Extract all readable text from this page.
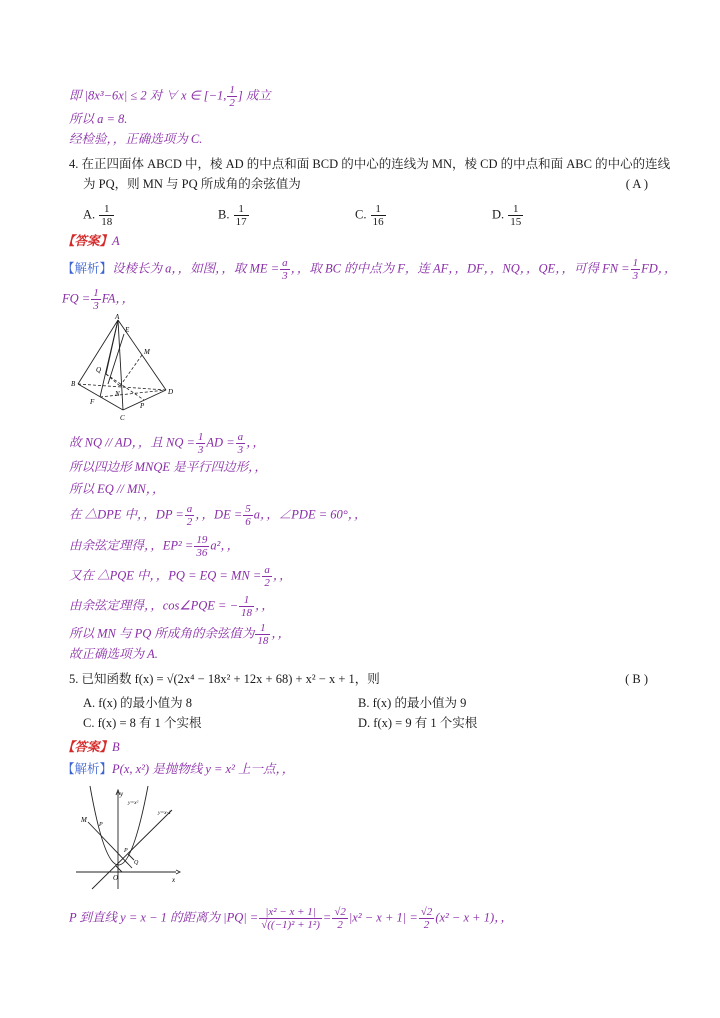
即 |8x³−6x| ≤ 2 对 ∀ x ∈ [−1, $\frac{1}{2}$ ] 成立
所以 a = 8.
经检验，，正确选项为 C.
4. 在正四面体 ABCD 中，棱 AD 的中点和面 BCD 的中心的连线为 MN，棱 CD 的中点和面 ABC 的中心的连线
为 PQ，则 MN 与 PQ 所成角的余弦值为	( A )
A. $\frac{1}{18}$	B. $\frac{1}{17}$	C. $\frac{1}{16}$	D. $\frac{1}{15}$
【答案】A
【解析】设棱长为 a，，如图，，取 ME = $\frac{a}{3}$ ，，取 BC 的中点为 F，连 AF，，DF，，NQ，，QE，，可得 FN = $\frac{1}{3}$ FD，，
FQ = $\frac{1}{3}$ FA，，
A
E
M
Q
B
D
N
F	P
C
故 NQ // AD，，且 NQ = $\frac{1}{3}$ AD = $\frac{a}{3}$ ，，
所以四边形 MNQE 是平行四边形，，
所以 EQ // MN，，
在 △DPE 中，，DP = $\frac{a}{2}$ ，，DE = $\frac{5}{6}$ a，，∠PDE = 60°，，
由余弦定理得，，$EP^2 = \frac{19}{36} a^2$，，
又在 △PQE 中，，PQ = EQ = MN = $\frac{a}{2}$ ，，
由余弦定理得，，cos∠PQE = − $\frac{1}{18}$ ，，
所以 MN 与 PQ 所成角的余弦值为 $\frac{1}{18}$ ，，
故正确选项为 A.
5. 已知函数 f(x) = √(2x⁴ − 18x² + 12x + 68) + x² − x + 1，则	( B )
A. f(x) 的最小值为 8	B. f(x) 的最小值为 9
C. f(x) = 8 有 1 个实根	D. f(x) = 9 有 1 个实根
【答案】B
【解析】P(x, x²) 是抛物线 y = x² 上一点，，
y
x
O
M
P
P
Q
y=x²
y=x-1
P 到直线 y = x − 1 的距离为 $|PQ| = \frac{\text{|x² − x + 1|}}{\text{√((−1)² + 1²)}} = \frac{√2}{2} |x^2 - x + 1| = \frac{√2}{2} (x^2 - x + 1)$，，
